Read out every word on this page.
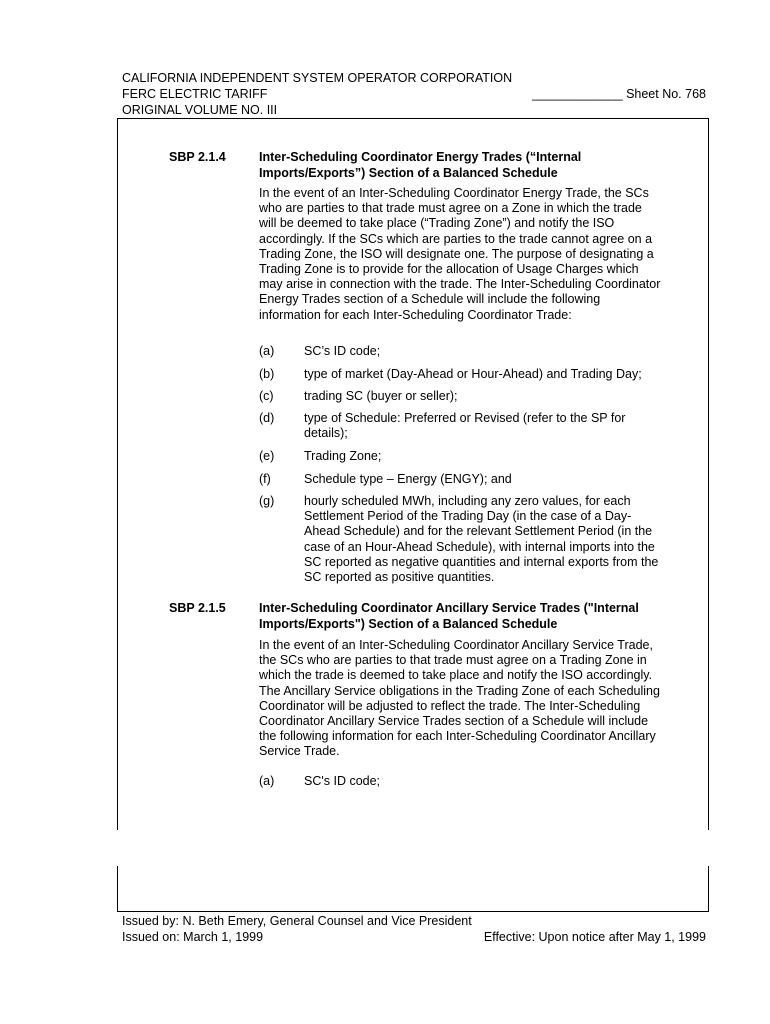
CALIFORNIA INDEPENDENT SYSTEM OPERATOR CORPORATION
FERC ELECTRIC TARIFF
ORIGINAL VOLUME NO. III
_____________ Sheet No. 768
SBP 2.1.4	Inter-Scheduling Coordinator Energy Trades (“Internal Imports/Exports”) Section of a Balanced Schedule
In the event of an Inter-Scheduling Coordinator Energy Trade, the SCs who are parties to that trade must agree on a Zone in which the trade will be deemed to take place (“Trading Zone”) and notify the ISO accordingly. If the SCs which are parties to the trade cannot agree on a Trading Zone, the ISO will designate one. The purpose of designating a Trading Zone is to provide for the allocation of Usage Charges which may arise in connection with the trade. The Inter-Scheduling Coordinator Energy Trades section of a Schedule will include the following information for each Inter-Scheduling Coordinator Trade:
(a) SC’s ID code;
(b) type of market (Day-Ahead or Hour-Ahead) and Trading Day;
(c) trading SC (buyer or seller);
(d) type of Schedule: Preferred or Revised (refer to the SP for details);
(e) Trading Zone;
(f)	Schedule type – Energy (ENGY); and
(g) hourly scheduled MWh, including any zero values, for each Settlement Period of the Trading Day (in the case of a Day-Ahead Schedule) and for the relevant Settlement Period (in the case of an Hour-Ahead Schedule), with internal imports into the SC reported as negative quantities and internal exports from the SC reported as positive quantities.
SBP 2.1.5	Inter-Scheduling Coordinator Ancillary Service Trades ("Internal Imports/Exports") Section of a Balanced Schedule
In the event of an Inter-Scheduling Coordinator Ancillary Service Trade, the SCs who are parties to that trade must agree on a Trading Zone in which the trade is deemed to take place and notify the ISO accordingly. The Ancillary Service obligations in the Trading Zone of each Scheduling Coordinator will be adjusted to reflect the trade. The Inter-Scheduling Coordinator Ancillary Service Trades section of a Schedule will include the following information for each Inter-Scheduling Coordinator Ancillary Service Trade.
(a) SC's ID code;
Issued by: N. Beth Emery, General Counsel and Vice President
Issued on: March 1, 1999	Effective: Upon notice after May 1, 1999
